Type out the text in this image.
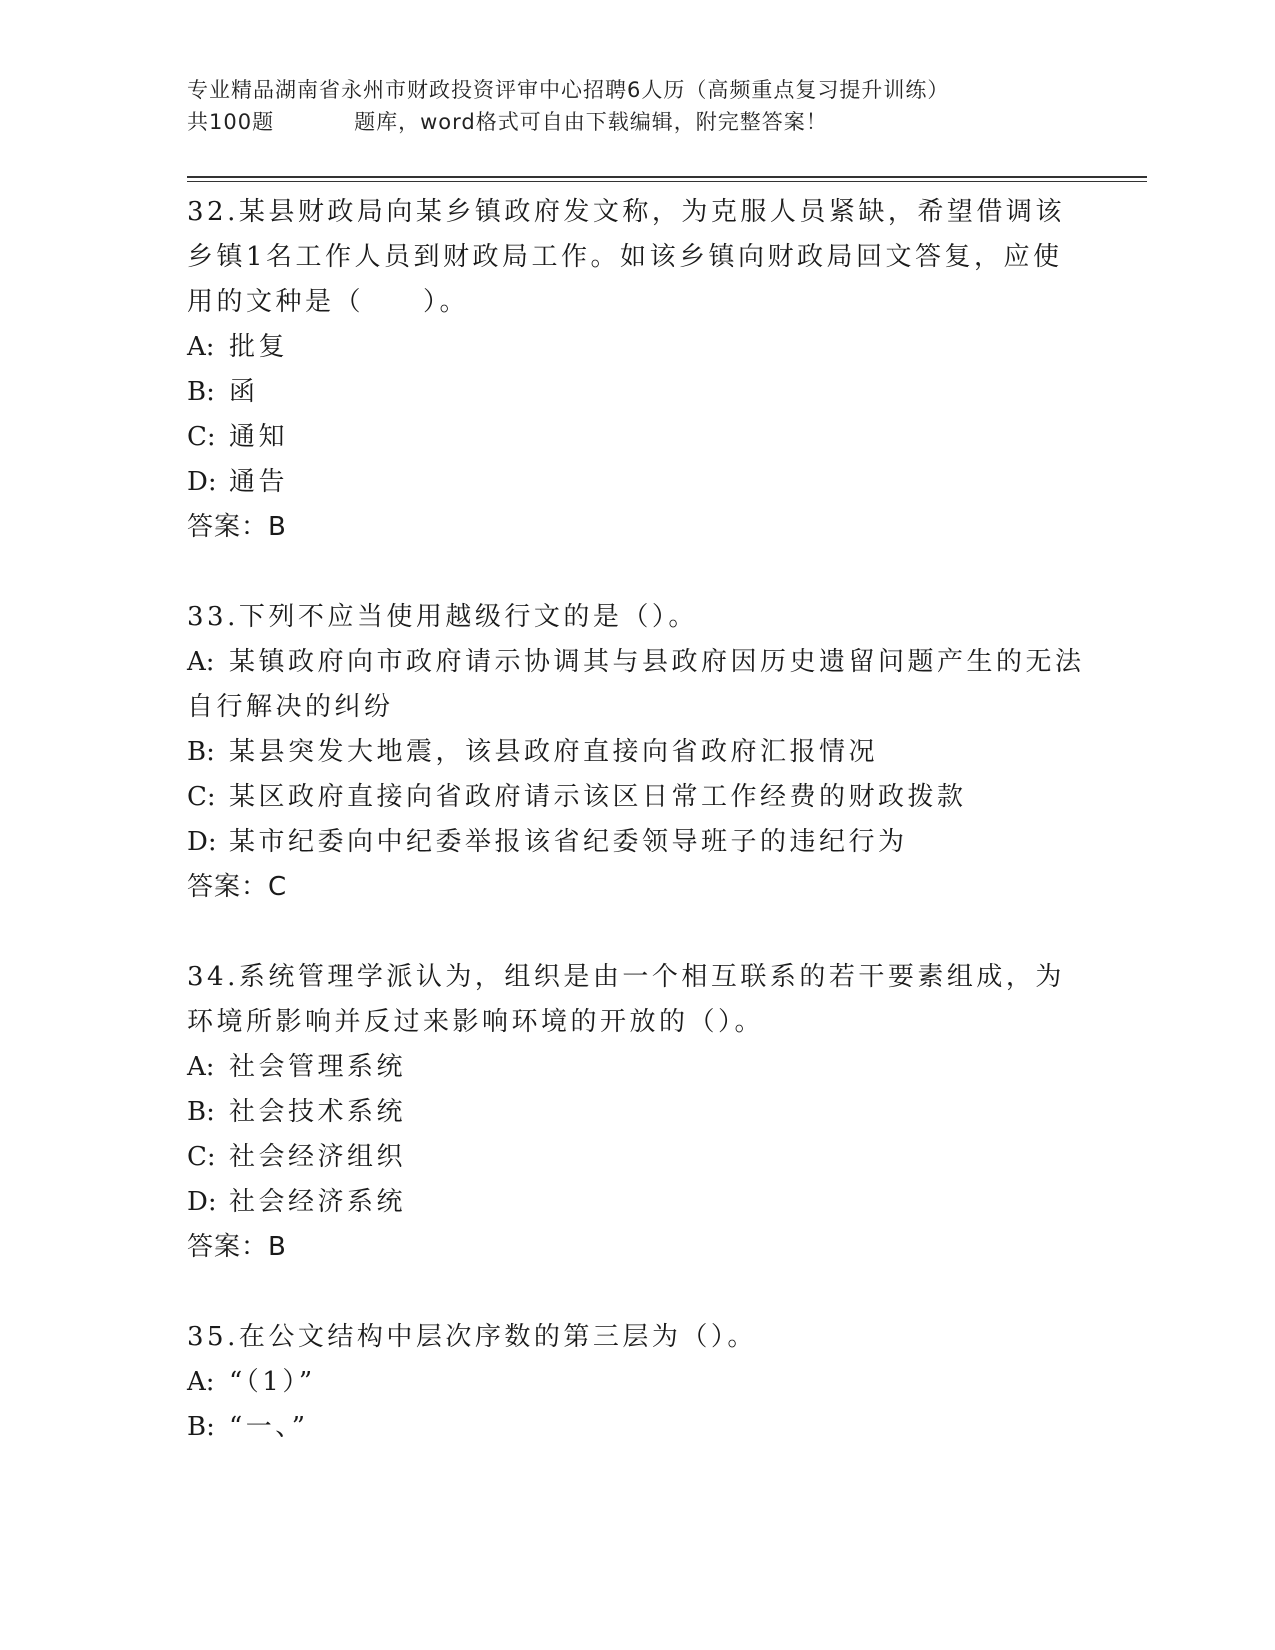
专业精品湖南省永州市财政投资评审中心招聘6人历（高频重点复习提升训练）
共100题	题库，word格式可自由下载编辑，附完整答案！

32.某县财政局向某乡镇政府发文称，为克服人员紧缺，希望借调该乡镇1名工作人员到财政局工作。如该乡镇向财政局回文答复，应使用的文种是（　　）。

A: 批复

B: 函

C: 通知

D: 通告

答案：B

33.下列不应当使用越级行文的是（）。

A: 某镇政府向市政府请示协调其与县政府因历史遗留问题产生的无法自行解决的纠纷

B: 某县突发大地震，该县政府直接向省政府汇报情况

C: 某区政府直接向省政府请示该区日常工作经费的财政拨款

D: 某市纪委向中纪委举报该省纪委领导班子的违纪行为

答案：C

34.系统管理学派认为，组织是由一个相互联系的若干要素组成，为环境所影响并反过来影响环境的开放的（）。

A: 社会管理系统

B: 社会技术系统

C: 社会经济组织

D: 社会经济系统

答案：B

35.在公文结构中层次序数的第三层为（）。

A: “（1）”

B: “一、”
